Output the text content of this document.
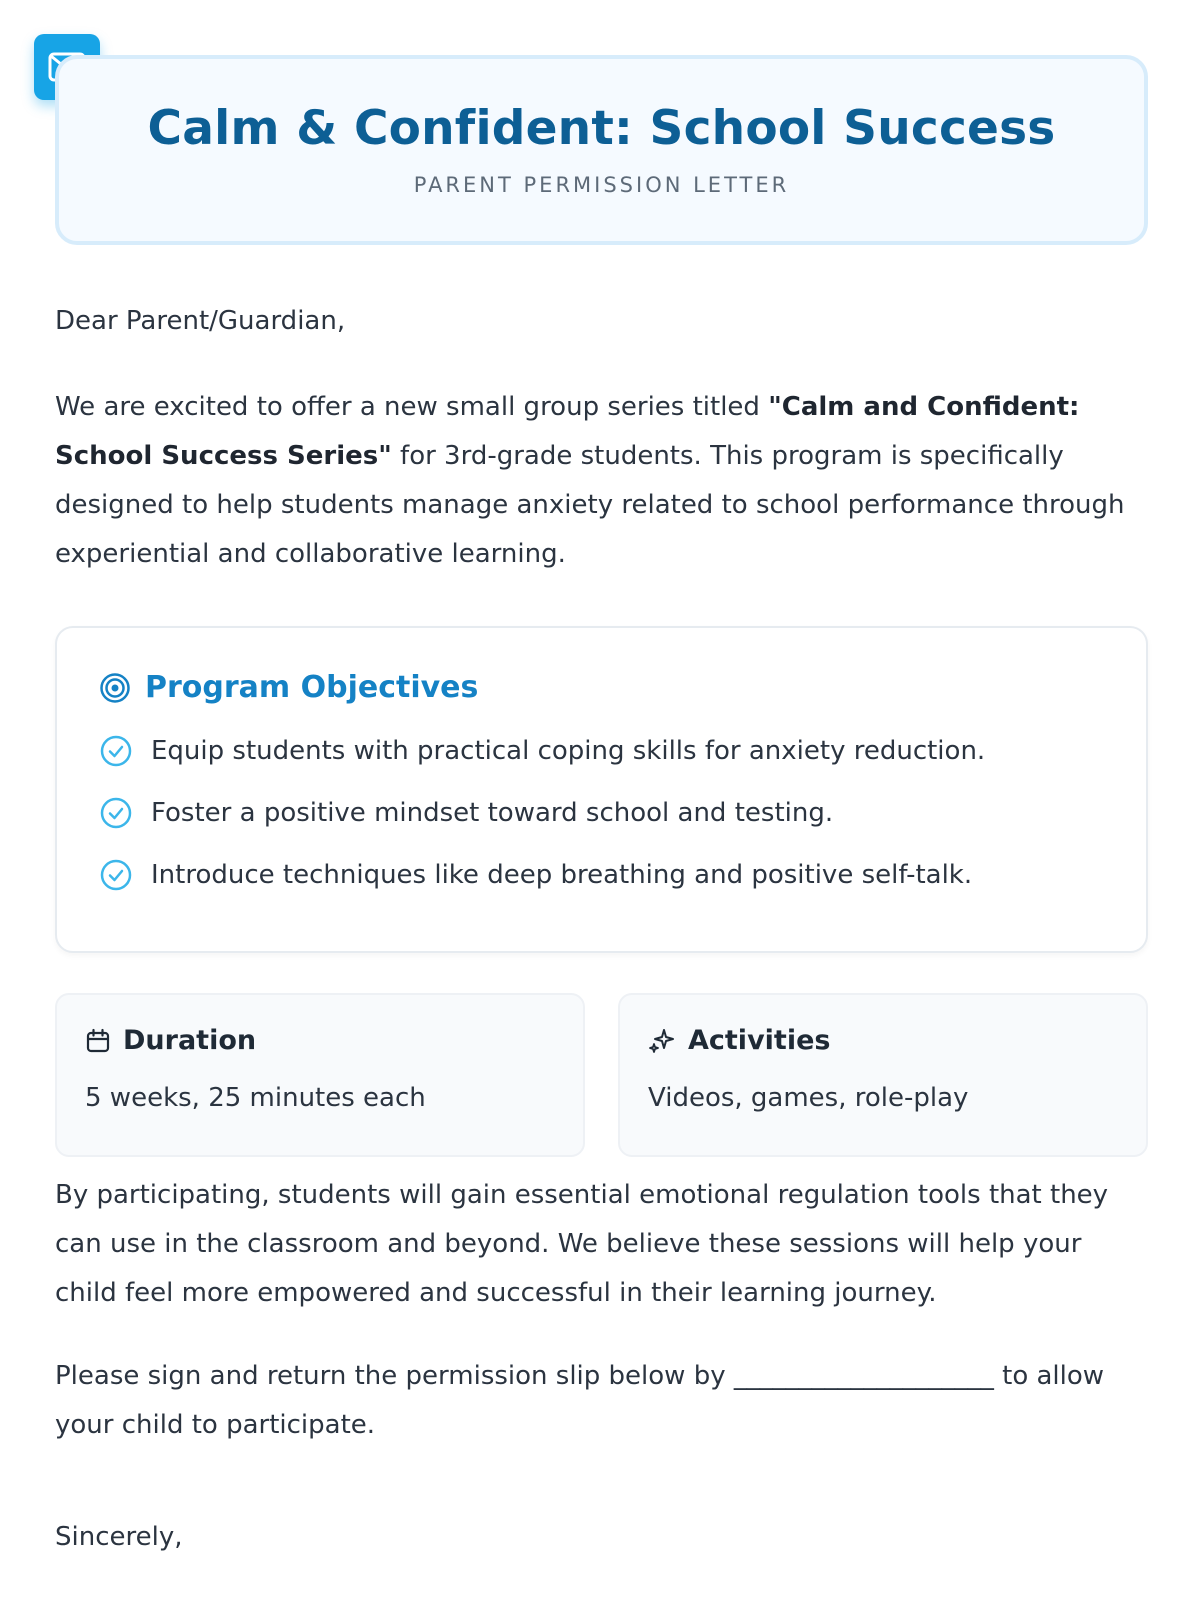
Calm & Confident: School Success
PARENT PERMISSION LETTER
Dear Parent/Guardian,
We are excited to offer a new small group series titled "Calm and Confident: School Success Series" for 3rd-grade students. This program is specifically designed to help students manage anxiety related to school performance through experiential and collaborative learning.
Program Objectives
Equip students with practical coping skills for anxiety reduction.
Foster a positive mindset toward school and testing.
Introduce techniques like deep breathing and positive self-talk.
Duration
5 weeks, 25 minutes each
Activities
Videos, games, role-play
By participating, students will gain essential emotional regulation tools that they can use in the classroom and beyond. We believe these sessions will help your child feel more empowered and successful in their learning journey.
Please sign and return the permission slip below by ____________________ to allow your child to participate.
Sincerely,
